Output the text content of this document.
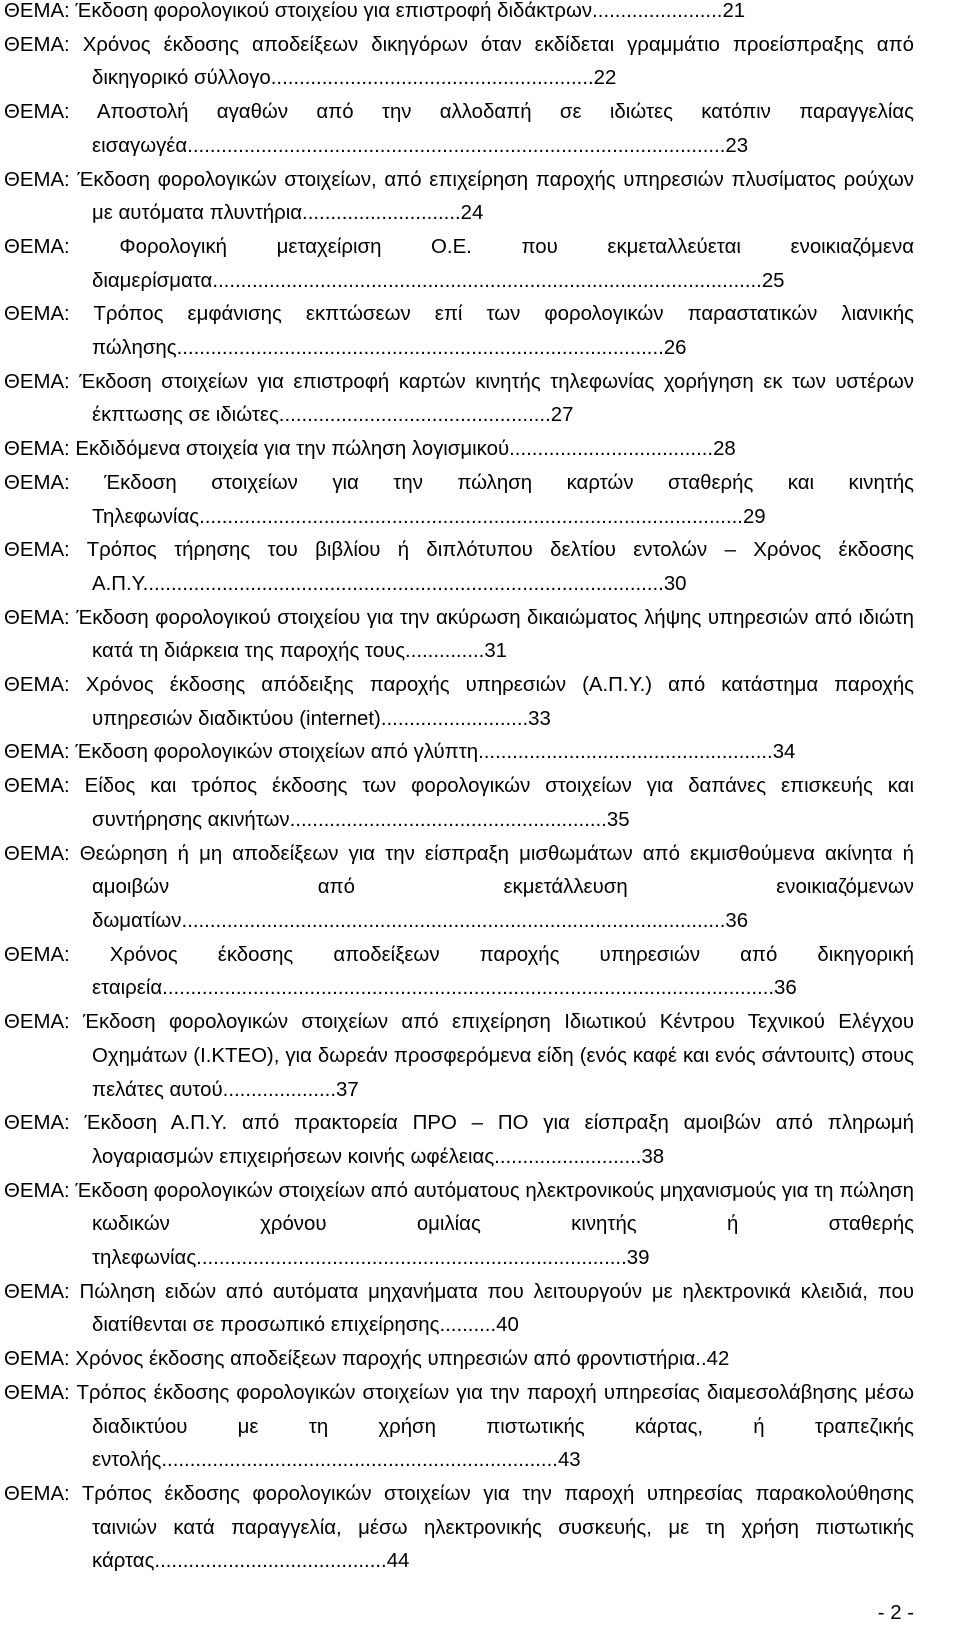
ΘΕΜΑ: Έκδοση φορολογικού στοιχείου για επιστροφή διδάκτρων.......................21
ΘΕΜΑ: Χρόνος έκδοσης αποδείξεων δικηγόρων όταν εκδίδεται γραμμάτιο προείσπραξης από δικηγορικό σύλλογο.........................................................22
ΘΕΜΑ: Αποστολή αγαθών από την αλλοδαπή σε ιδιώτες κατόπιν παραγγελίας εισαγωγέα...............................................................................................23
ΘΕΜΑ: Έκδοση φορολογικών στοιχείων, από επιχείρηση παροχής υπηρεσιών πλυσίματος ρούχων με αυτόματα πλυντήρια............................24
ΘΕΜΑ: Φορολογική μεταχείριση Ο.Ε. που εκμεταλλεύεται ενοικιαζόμενα διαμερίσματα.................................................................................................25
ΘΕΜΑ: Τρόπος εμφάνισης εκπτώσεων επί των φορολογικών παραστατικών λιανικής πώλησης......................................................................................26
ΘΕΜΑ: Έκδοση στοιχείων για επιστροφή καρτών κινητής τηλεφωνίας χορήγηση εκ των υστέρων έκπτωσης σε ιδιώτες................................................27
ΘΕΜΑ: Εκδιδόμενα στοιχεία για την πώληση λογισμικού....................................28
ΘΕΜΑ: Έκδοση στοιχείων για την πώληση καρτών σταθερής και κινητής Τηλεφωνίας................................................................................................29
ΘΕΜΑ: Τρόπος τήρησης του βιβλίου ή διπλότυπου δελτίου εντολών – Χρόνος έκδοσης Α.Π.Υ............................................................................................30
ΘΕΜΑ: Έκδοση φορολογικού στοιχείου για την ακύρωση δικαιώματος λήψης υπηρεσιών από ιδιώτη κατά τη διάρκεια της παροχής τους..............31
ΘΕΜΑ: Χρόνος έκδοσης απόδειξης παροχής υπηρεσιών (Α.Π.Υ.) από κατάστημα παροχής υπηρεσιών διαδικτύου (internet)..........................33
ΘΕΜΑ: Έκδοση φορολογικών στοιχείων από γλύπτη....................................................34
ΘΕΜΑ: Είδος και τρόπος έκδοσης των φορολογικών στοιχείων για δαπάνες επισκευής και συντήρησης ακινήτων........................................................35
ΘΕΜΑ: Θεώρηση ή μη αποδείξεων για την είσπραξη μισθωμάτων από εκμισθούμενα ακίνητα ή αμοιβών από εκμετάλλευση ενοικιαζόμενων δωματίων................................................................................................36
ΘΕΜΑ: Χρόνος έκδοσης αποδείξεων παροχής υπηρεσιών από δικηγορική εταιρεία............................................................................................................36
ΘΕΜΑ: Έκδοση φορολογικών στοιχείων από επιχείρηση Ιδιωτικού Κέντρου Τεχνικού Ελέγχου Οχημάτων (Ι.ΚΤΕΟ), για δωρεάν προσφερόμενα είδη (ενός καφέ και ενός σάντουιτς) στους πελάτες αυτού....................37
ΘΕΜΑ: Έκδοση Α.Π.Υ. από πρακτορεία ΠΡΟ – ΠΟ για είσπραξη αμοιβών από πληρωμή λογαριασμών επιχειρήσεων κοινής ωφέλειας..........................38
ΘΕΜΑ: Έκδοση φορολογικών στοιχείων από αυτόματους ηλεκτρονικούς μηχανισμούς για τη πώληση κωδικών χρόνου ομιλίας κινητής ή σταθερής τηλεφωνίας............................................................................39
ΘΕΜΑ: Πώληση ειδών από αυτόματα μηχανήματα που λειτουργούν με ηλεκτρονικά κλειδιά, που διατίθενται σε προσωπικό επιχείρησης..........40
ΘΕΜΑ: Χρόνος έκδοσης αποδείξεων παροχής υπηρεσιών από φροντιστήρια..42
ΘΕΜΑ: Τρόπος έκδοσης φορολογικών στοιχείων για την παροχή υπηρεσίας διαμεσολάβησης μέσω διαδικτύου με τη χρήση πιστωτικής κάρτας, ή τραπεζικής εντολής......................................................................43
ΘΕΜΑ: Τρόπος έκδοσης φορολογικών στοιχείων για την παροχή υπηρεσίας παρακολούθησης ταινιών κατά παραγγελία, μέσω ηλεκτρονικής συσκευής, με τη χρήση πιστωτικής κάρτας.........................................44
- 2 -
